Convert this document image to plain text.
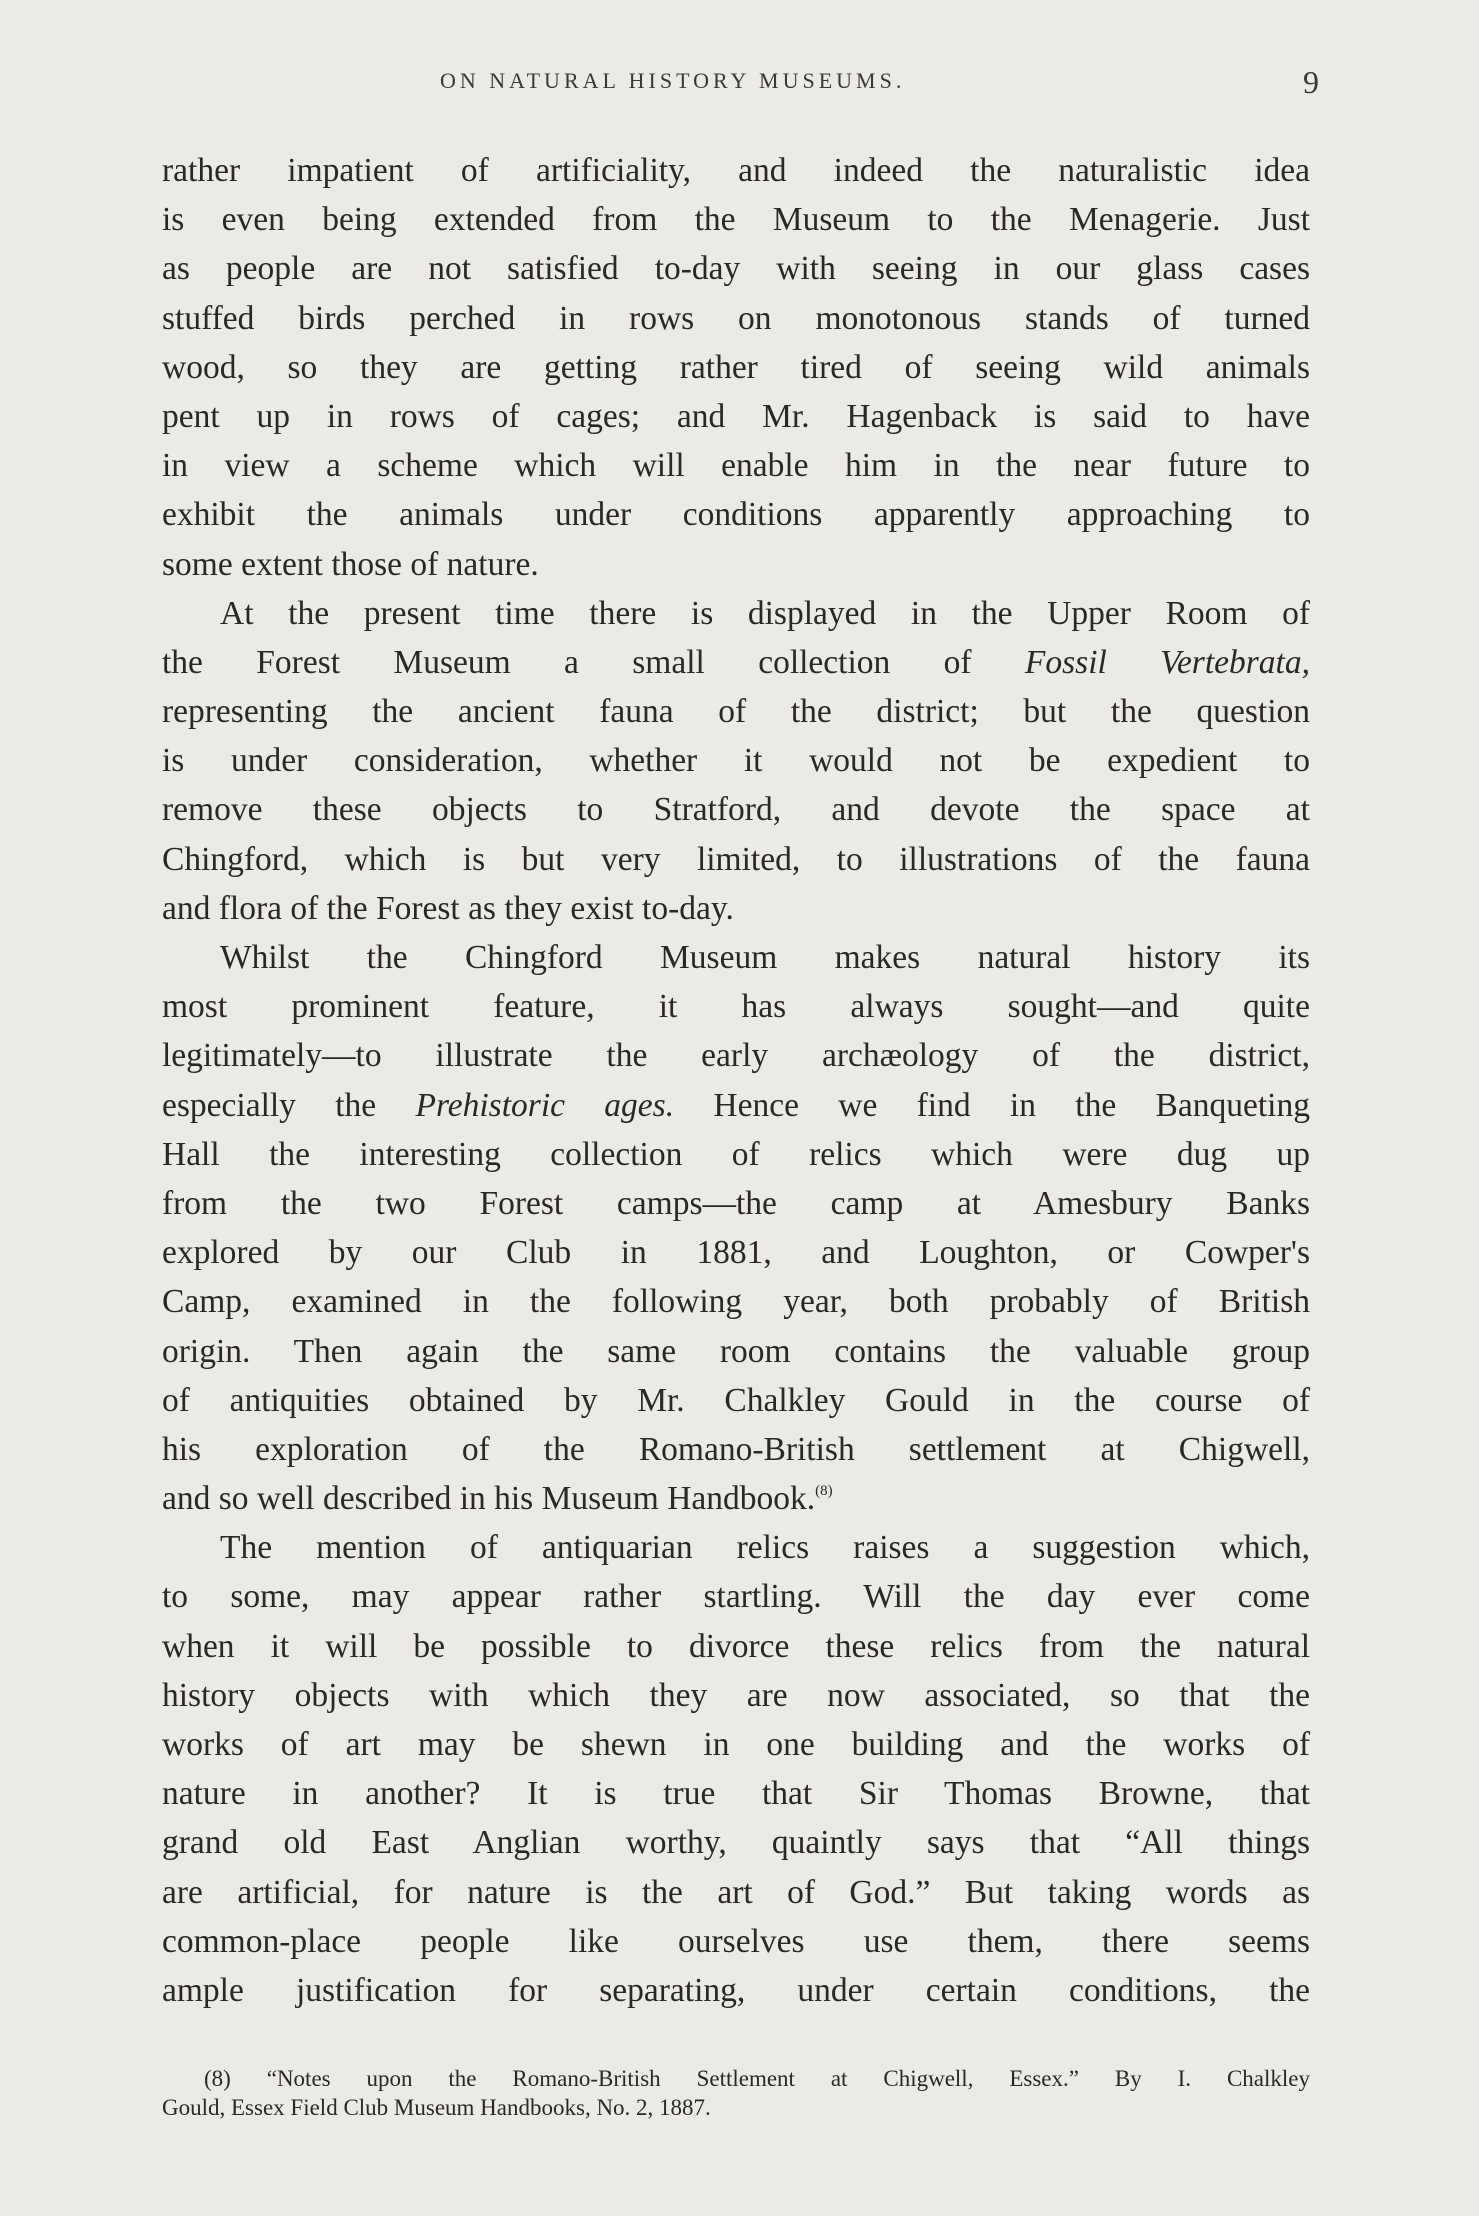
ON NATURAL HISTORY MUSEUMS.	9
rather impatient of artificiality, and indeed the naturalistic idea
is even being extended from the Museum to the Menagerie. Just
as people are not satisfied to-day with seeing in our glass cases
stuffed birds perched in rows on monotonous stands of turned
wood, so they are getting rather tired of seeing wild animals
pent up in rows of cages; and Mr. Hagenback is said to have
in view a scheme which will enable him in the near future to
exhibit the animals under conditions apparently approaching to
some extent those of nature.
At the present time there is displayed in the Upper Room of
the Forest Museum a small collection of Fossil Vertebrata,
representing the ancient fauna of the district; but the question
is under consideration, whether it would not be expedient to
remove these objects to Stratford, and devote the space at
Chingford, which is but very limited, to illustrations of the fauna
and flora of the Forest as they exist to-day.
Whilst the Chingford Museum makes natural history its
most prominent feature, it has always sought—and quite
legitimately—to illustrate the early archæology of the district,
especially the Prehistoric ages. Hence we find in the Banqueting
Hall the interesting collection of relics which were dug up
from the two Forest camps—the camp at Amesbury Banks
explored by our Club in 1881, and Loughton, or Cowper's
Camp, examined in the following year, both probably of British
origin. Then again the same room contains the valuable group
of antiquities obtained by Mr. Chalkley Gould in the course of
his exploration of the Romano-British settlement at Chigwell,
and so well described in his Museum Handbook.$^{(8)}$
The mention of antiquarian relics raises a suggestion which,
to some, may appear rather startling. Will the day ever come
when it will be possible to divorce these relics from the natural
history objects with which they are now associated, so that the
works of art may be shewn in one building and the works of
nature in another? It is true that Sir Thomas Browne, that
grand old East Anglian worthy, quaintly says that “All things
are artificial, for nature is the art of God.” But taking words as
common-place people like ourselves use them, there seems
ample justification for separating, under certain conditions, the
(8) “Notes upon the Romano-British Settlement at Chigwell, Essex.” By I. Chalkley
Gould, Essex Field Club Museum Handbooks, No. 2, 1887.
